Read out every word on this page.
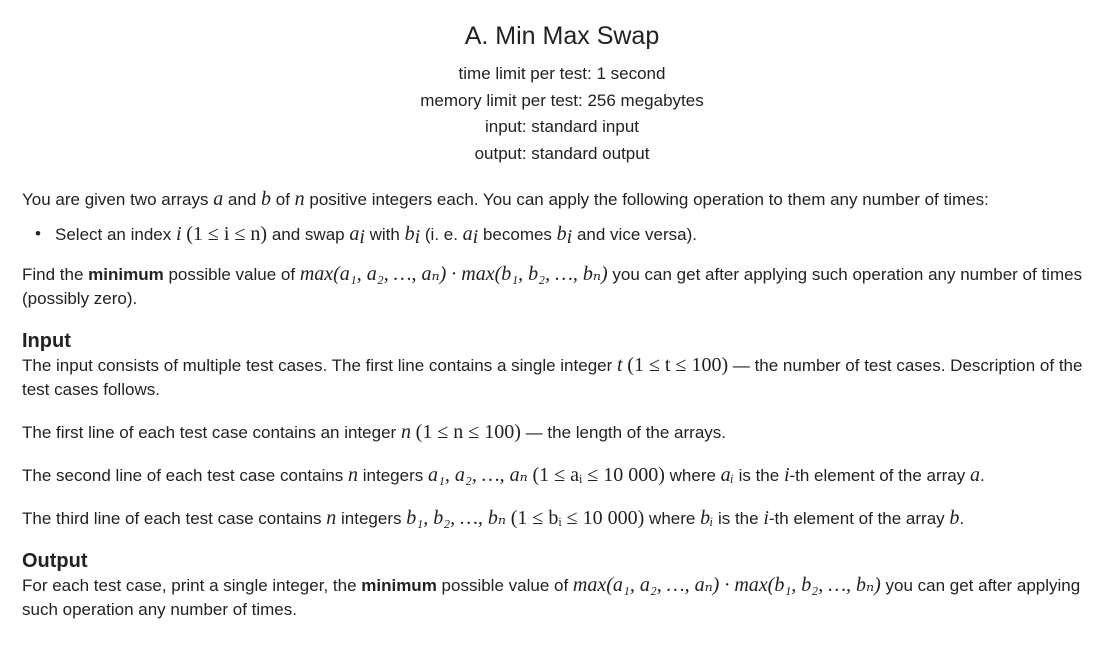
A. Min Max Swap
time limit per test: 1 second
memory limit per test: 256 megabytes
input: standard input
output: standard output
You are given two arrays a and b of n positive integers each. You can apply the following operation to them any number of times:
• Select an index i (1 ≤ i ≤ n) and swap $a_i$ with $b_i$ (i. e. $a_i$ becomes $b_i$ and vice versa).
Find the minimum possible value of max(a₁, a₂, …, aₙ) · max(b₁, b₂, …, bₙ) you can get after applying such operation any number of times (possibly zero).
Input
The input consists of multiple test cases. The first line contains a single integer t (1 ≤ t ≤ 100) — the number of test cases. Description of the test cases follows.
The first line of each test case contains an integer n (1 ≤ n ≤ 100) — the length of the arrays.
The second line of each test case contains n integers a₁, a₂, …, aₙ (1 ≤ aᵢ ≤ 10 000) where aᵢ is the i-th element of the array a.
The third line of each test case contains n integers b₁, b₂, …, bₙ (1 ≤ bᵢ ≤ 10 000) where bᵢ is the i-th element of the array b.
Output
For each test case, print a single integer, the minimum possible value of max(a₁, a₂, …, aₙ) · max(b₁, b₂, …, bₙ) you can get after applying such operation any number of times.
